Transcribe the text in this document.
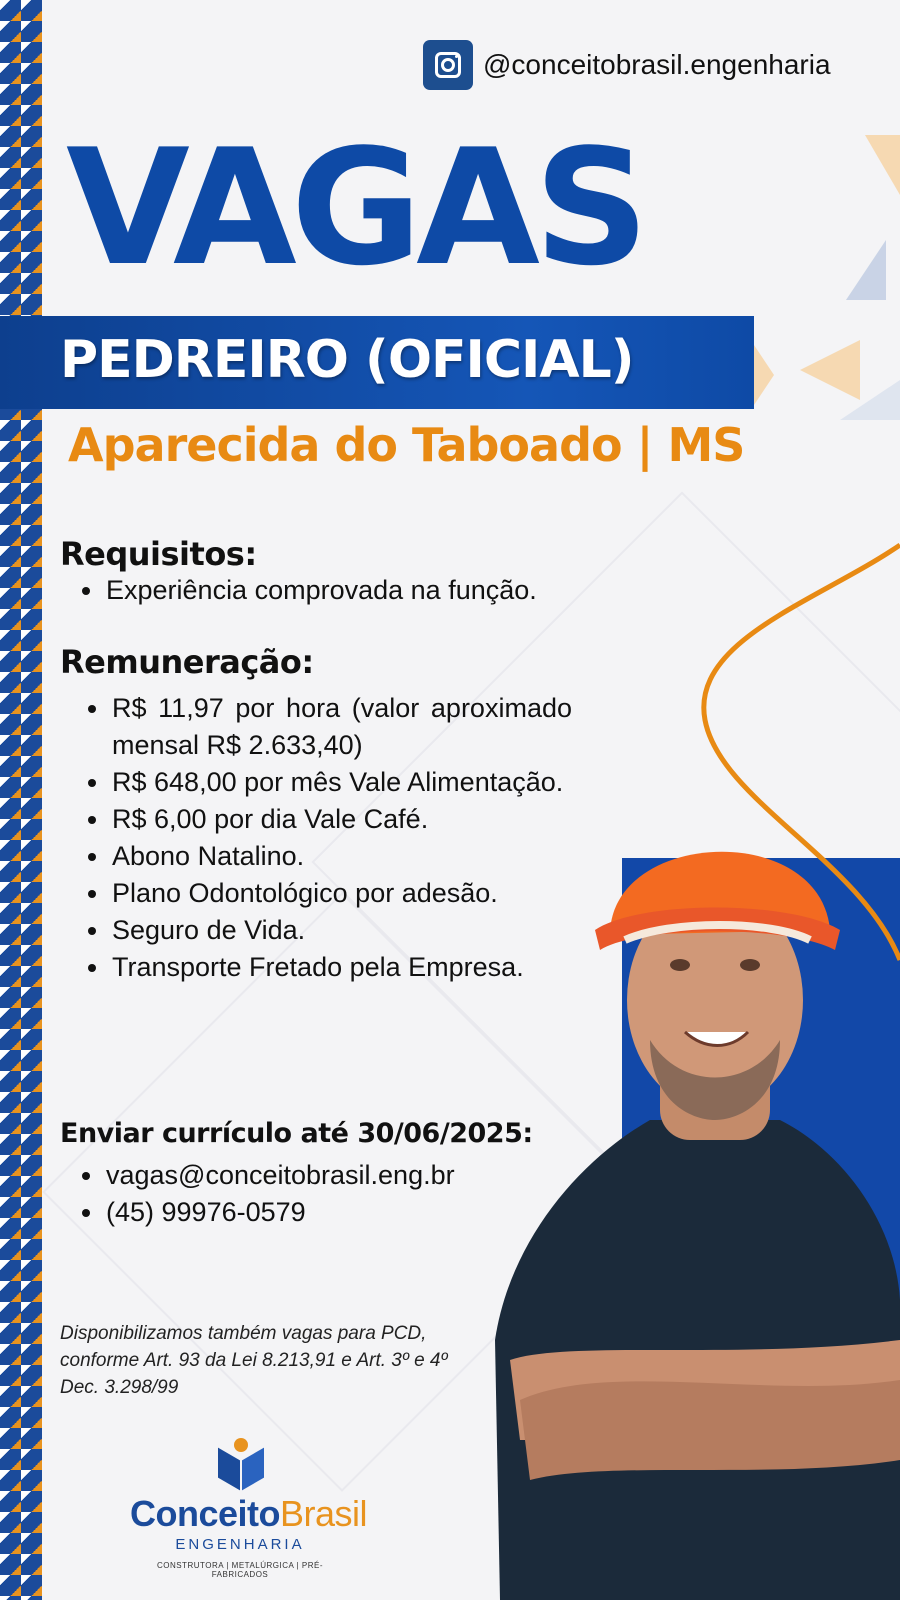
@conceitobrasil.engenharia
VAGAS
PEDREIRO (OFICIAL)
Aparecida do Taboado | MS
Requisitos:
Experiência comprovada na função.
Remuneração:
R$ 11,97 por hora (valor aproximado mensal R$ 2.633,40)
R$ 648,00 por mês Vale Alimentação.
R$ 6,00 por dia Vale Café.
Abono Natalino.
Plano Odontológico por adesão.
Seguro de Vida.
Transporte Fretado pela Empresa.
Enviar currículo até 30/06/2025:
vagas@conceitobrasil.eng.br
(45) 99976-0579
Disponibilizamos também vagas para PCD, conforme Art. 93 da Lei 8.213,91 e Art. 3º e 4º Dec. 3.298/99
ConceitoBrasil
ENGENHARIA
CONSTRUTORA | METALÚRGICA | PRÉ-FABRICADOS
